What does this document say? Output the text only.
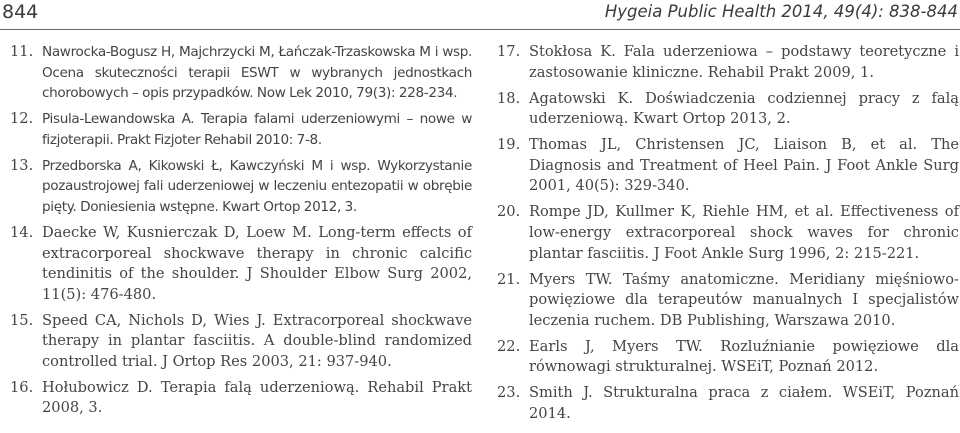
844	Hygeia Public Health 2014, 49(4): 838-844
11. Nawrocka-Bogusz H, Majchrzycki M, Łańczak-Trzaskowska M i wsp. Ocena skuteczności terapii ESWT w wybranych jednostkach chorobowych – opis przypadków. Now Lek 2010, 79(3): 228-234.
12. Pisula-Lewandowska A. Terapia falami uderzeniowymi – nowe w fizjoterapii. Prakt Fizjoter Rehabil 2010: 7-8.
13. Przedborska A, Kikowski Ł, Kawczyński M i wsp. Wykorzystanie pozaustrojowej fali uderzeniowej w leczeniu entezopatii w obrębie pięty. Doniesienia wstępne. Kwart Ortop 2012, 3.
14. Daecke W, Kusnierczak D, Loew M. Long-term effects of extracorporeal shockwave therapy in chronic calcific tendinitis of the shoulder. J Shoulder Elbow Surg 2002, 11(5): 476-480.
15. Speed CA, Nichols D, Wies J. Extracorporeal shockwave therapy in plantar fasciitis. A double-blind randomized controlled trial. J Ortop Res 2003, 21: 937-940.
16. Hołubowicz D. Terapia falą uderzeniową. Rehabil Prakt 2008, 3.
17. Stokłosa K. Fala uderzeniowa – podstawy teoretyczne i zastosowanie kliniczne. Rehabil Prakt 2009, 1.
18. Agatowski K. Doświadczenia codziennej pracy z falą uderzeniową. Kwart Ortop 2013, 2.
19. Thomas JL, Christensen JC, Liaison B, et al. The Diagnosis and Treatment of Heel Pain. J Foot Ankle Surg 2001, 40(5): 329-340.
20. Rompe JD, Kullmer K, Riehle HM, et al. Effectiveness of low-energy extracorporeal shock waves for chronic plantar fasciitis. J Foot Ankle Surg 1996, 2: 215-221.
21. Myers TW. Taśmy anatomiczne. Meridiany mięśniowo-powięziowe dla terapeutów manualnych I specjalistów leczenia ruchem. DB Publishing, Warszawa 2010.
22. Earls J, Myers TW. Rozluźnianie powięziowe dla równowagi strukturalnej. WSEiT, Poznań 2012.
23. Smith J. Strukturalna praca z ciałem. WSEiT, Poznań 2014.
